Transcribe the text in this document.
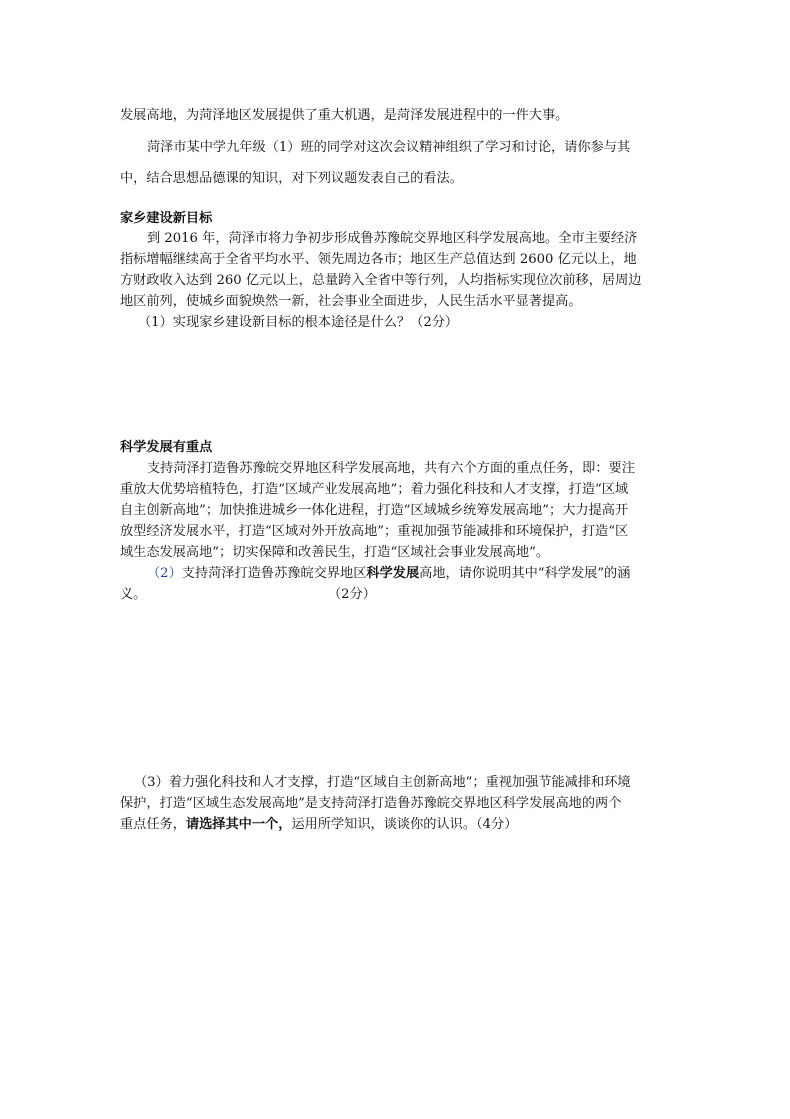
发展高地，为菏泽地区发展提供了重大机遇，是菏泽发展进程中的一件大事。

菏泽市某中学九年级（1）班的同学对这次会议精神组织了学习和讨论，请你参与其

中，结合思想品德课的知识，对下列议题发表自己的看法。

家乡建设新目标

到 2016 年，菏泽市将力争初步形成鲁苏豫皖交界地区科学发展高地。全市主要经济

指标增幅继续高于全省平均水平、领先周边各市；地区生产总值达到 2600 亿元以上，地

方财政收入达到 260 亿元以上，总量跨入全省中等行列，人均指标实现位次前移，居周边

地区前列，使城乡面貌焕然一新，社会事业全面进步，人民生活水平显著提高。

（1）实现家乡建设新目标的根本途径是什么？（2分）

科学发展有重点

支持菏泽打造鲁苏豫皖交界地区科学发展高地，共有六个方面的重点任务，即：要注

重放大优势培植特色，打造“区域产业发展高地”；着力强化科技和人才支撑，打造“区域

自主创新高地”；加快推进城乡一体化进程，打造“区域城乡统筹发展高地”；大力提高开

放型经济发展水平，打造“区域对外开放高地”；重视加强节能减排和环境保护，打造“区

域生态发展高地”；切实保障和改善民生，打造“区域社会事业发展高地”。

（2）支持菏泽打造鲁苏豫皖交界地区科学发展高地，请你说明其中“科学发展”的涵

义。	（2分）

（3）着力强化科技和人才支撑，打造“区域自主创新高地”；重视加强节能减排和环境

保护，打造“区域生态发展高地”是支持菏泽打造鲁苏豫皖交界地区科学发展高地的两个

重点任务，请选择其中一个，运用所学知识，谈谈你的认识。（4分）
